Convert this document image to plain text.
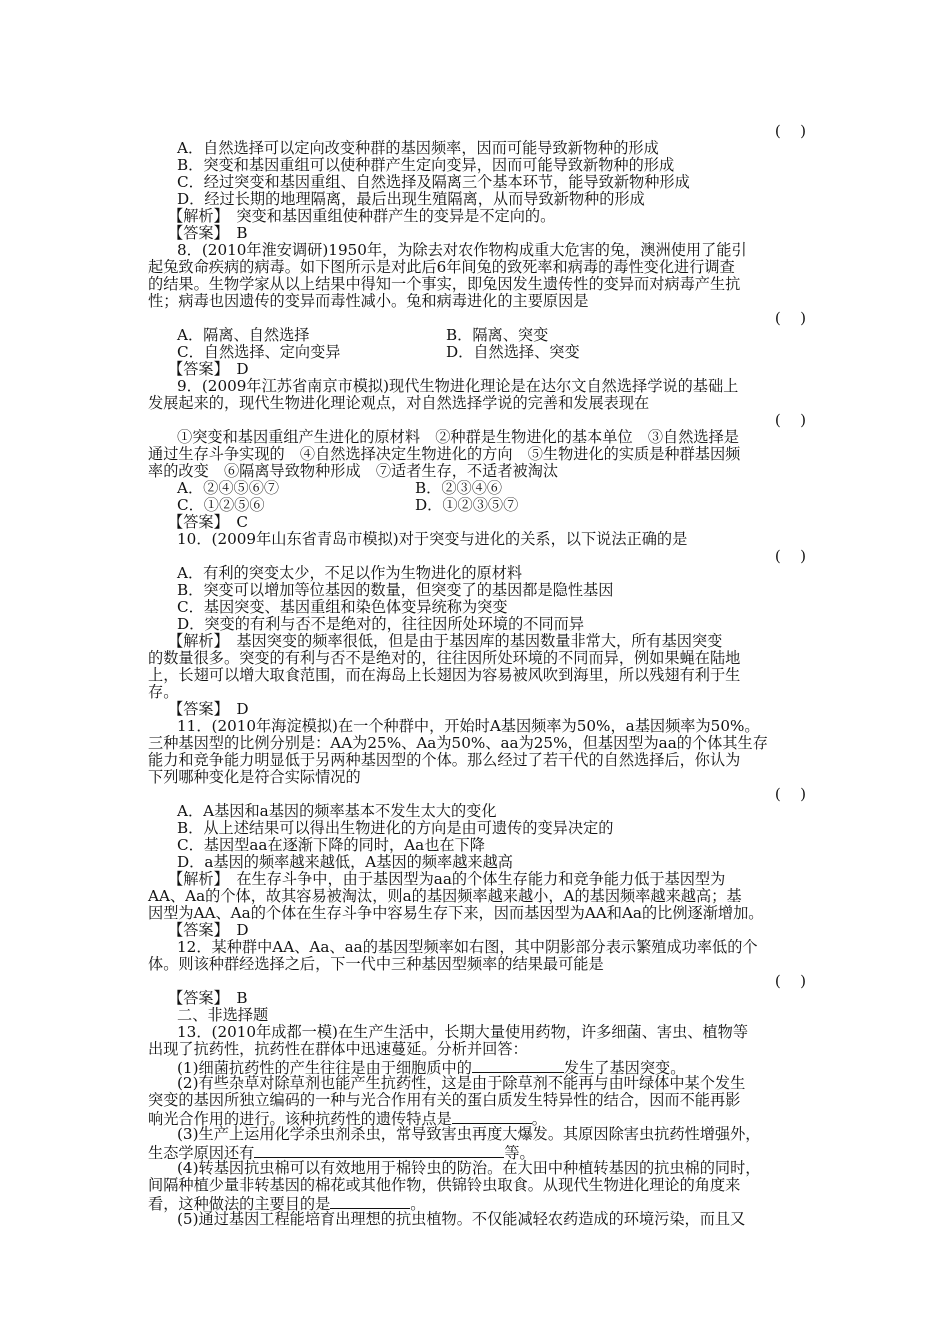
(    )
A．自然选择可以定向改变种群的基因频率，因而可能导致新物种的形成
B．突变和基因重组可以使种群产生定向变异，因而可能导致新物种的形成
C．经过突变和基因重组、自然选择及隔离三个基本环节，能导致新物种形成
D．经过长期的地理隔离，最后出现生殖隔离，从而导致新物种的形成
【解析】　突变和基因重组使种群产生的变异是不定向的。
【答案】　B
8．(2010年淮安调研)1950年，为除去对农作物构成重大危害的兔，澳洲使用了能引
起兔致命疾病的病毒。如下图所示是对此后6年间兔的致死率和病毒的毒性变化进行调查
的结果。生物学家从以上结果中得知一个事实，即兔因发生遗传性的变异而对病毒产生抗
性；病毒也因遗传的变异而毒性减小。兔和病毒进化的主要原因是
(    )
A．隔离、自然选择	B．隔离、突变
C．自然选择、定向变异	D．自然选择、突变
【答案】　D
9．(2009年江苏省南京市模拟)现代生物进化理论是在达尔文自然选择学说的基础上
发展起来的，现代生物进化理论观点，对自然选择学说的完善和发展表现在
(    )
①突变和基因重组产生进化的原材料　②种群是生物进化的基本单位　③自然选择是
通过生存斗争实现的　④自然选择决定生物进化的方向　⑤生物进化的实质是种群基因频
率的改变　⑥隔离导致物种形成　⑦适者生存，不适者被淘汰
A．②④⑤⑥⑦	B．②③④⑥
C．①②⑤⑥	D．①②③⑤⑦
【答案】　C
10．(2009年山东省青岛市模拟)对于突变与进化的关系，以下说法正确的是
(    )
A．有利的突变太少，不足以作为生物进化的原材料
B．突变可以增加等位基因的数量，但突变了的基因都是隐性基因
C．基因突变、基因重组和染色体变异统称为突变
D．突变的有利与否不是绝对的，往往因所处环境的不同而异
【解析】　基因突变的频率很低，但是由于基因库的基因数量非常大，所有基因突变
的数量很多。突变的有利与否不是绝对的，往往因所处环境的不同而异，例如果蝇在陆地
上，长翅可以增大取食范围，而在海岛上长翅因为容易被风吹到海里，所以残翅有利于生
存。
【答案】　D
11．(2010年海淀模拟)在一个种群中，开始时A基因频率为50%，a基因频率为50%。
三种基因型的比例分别是：AA为25%、Aa为50%、aa为25%，但基因型为aa的个体其生存
能力和竞争能力明显低于另两种基因型的个体。那么经过了若干代的自然选择后，你认为
下列哪种变化是符合实际情况的
(    )
A．A基因和a基因的频率基本不发生太大的变化
B．从上述结果可以得出生物进化的方向是由可遗传的变异决定的
C．基因型aa在逐渐下降的同时，Aa也在下降
D．a基因的频率越来越低，A基因的频率越来越高
【解析】　在生存斗争中，由于基因型为aa的个体生存能力和竞争能力低于基因型为
AA、Aa的个体，故其容易被淘汰，则a的基因频率越来越小，A的基因频率越来越高；基
因型为AA、Aa的个体在生存斗争中容易生存下来，因而基因型为AA和Aa的比例逐渐增加。
【答案】　D
12．某种群中AA、Aa、aa的基因型频率如右图，其中阴影部分表示繁殖成功率低的个
体。则该种群经选择之后，下一代中三种基因型频率的结果最可能是
(    )
【答案】　B
二、非选择题
13．(2010年成都一模)在生产生活中，长期大量使用药物，许多细菌、害虫、植物等
出现了抗药性，抗药性在群体中迅速蔓延。分析并回答：
(1)细菌抗药性的产生往往是由于细胞质中的	发生了基因突变。
(2)有些杂草对除草剂也能产生抗药性，这是由于除草剂不能再与由叶绿体中某个发生
突变的基因所独立编码的一种与光合作用有关的蛋白质发生特异性的结合，因而不能再影
响光合作用的进行。该种抗药性的遗传特点是	。
(3)生产上运用化学杀虫剂杀虫，常导致害虫再度大爆发。其原因除害虫抗药性增强外，
生态学原因还有	等。
(4)转基因抗虫棉可以有效地用于棉铃虫的防治。在大田中种植转基因的抗虫棉的同时，
间隔种植少量非转基因的棉花或其他作物，供锦铃虫取食。从现代生物进化理论的角度来
看，这种做法的主要目的是	。
(5)通过基因工程能培育出理想的抗虫植物。不仅能减轻农药造成的环境污染，而且又
